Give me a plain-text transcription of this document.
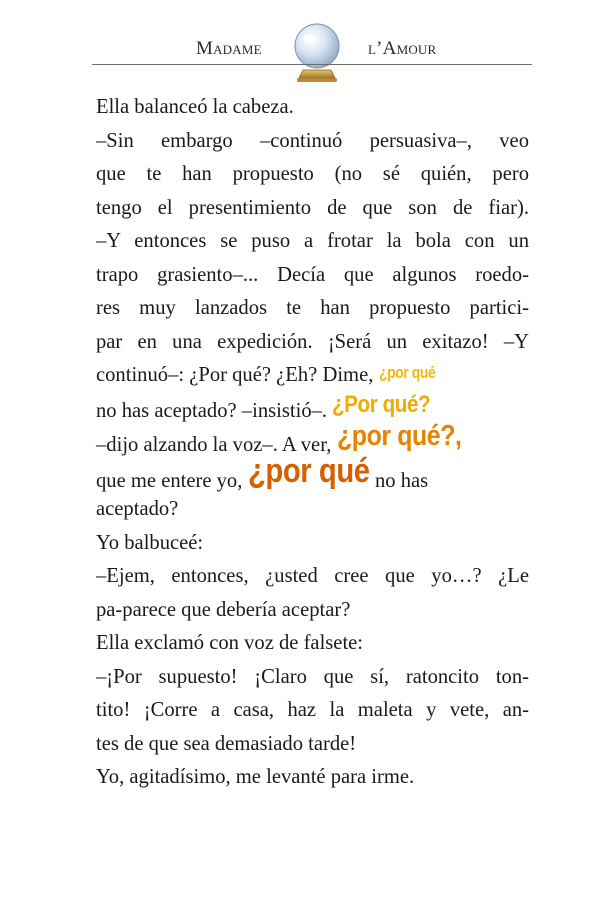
Madame	l’Amour
Ella balanceó la cabeza.
–Sin embargo –continuó persuasiva–, veo
que te han propuesto (no sé quién, pero
tengo el presentimiento de que son de fiar).
–Y entonces se puso a frotar la bola con un
trapo grasiento–... Decía que algunos roedo-
res muy lanzados te han propuesto partici-
par en una expedición. ¡Será un exitazo! –Y
continuó–: ¿Por qué? ¿Eh? Dime, ¿por qué
no has aceptado? –insistió–. ¿Por qué?
–dijo alzando la voz–. A ver, ¿por qué?,
que me entere yo, ¿por qué no has
aceptado?
Yo balbuceé:
–Ejem, entonces, ¿usted cree que yo…? ¿Le
pa-parece que debería aceptar?
Ella exclamó con voz de falsete:
–¡Por supuesto! ¡Claro que sí, ratoncito ton-
tito! ¡Corre a casa, haz la maleta y vete, an-
tes de que sea demasiado tarde!
Yo, agitadísimo, me levanté para irme.
